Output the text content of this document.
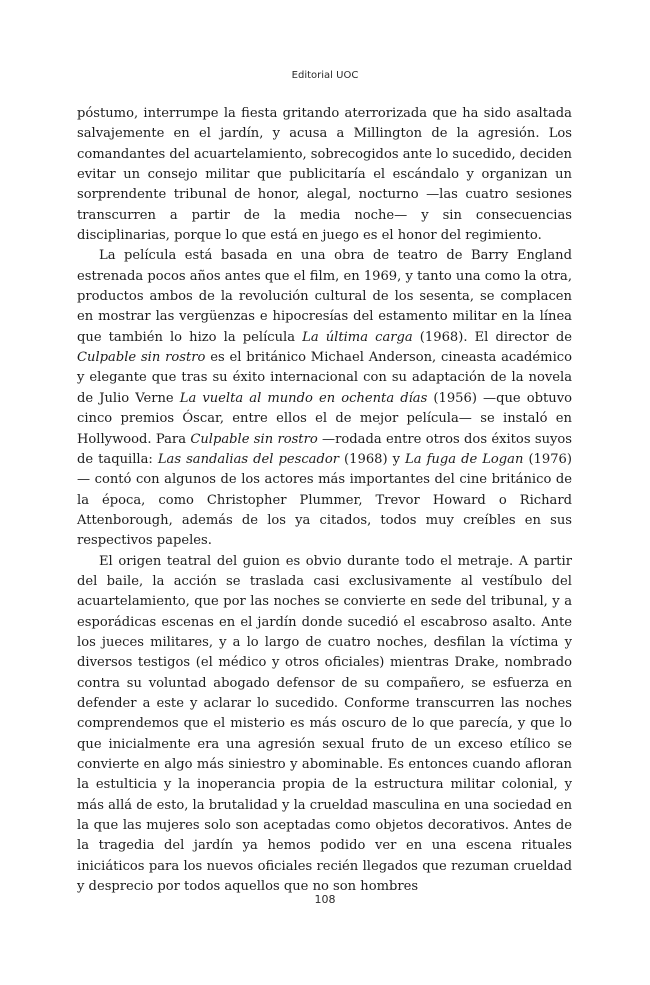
Editorial UOC

póstumo, interrumpe la fiesta gritando aterrorizada que ha sido asaltada salvajemente en el jardín, y acusa a Millington de la agresión. Los comandantes del acuartelamiento, sobrecogidos ante lo sucedido, deciden evitar un consejo militar que publicitaría el escándalo y organizan un sorprendente tribunal de honor, alegal, nocturno —las cuatro sesiones transcurren a partir de la media noche— y sin consecuencias disciplinarias, porque lo que está en juego es el honor del regimiento.

La película está basada en una obra de teatro de Barry England estrenada pocos años antes que el film, en 1969, y tanto una como la otra, productos ambos de la revolución cultural de los sesenta, se complacen en mostrar las vergüenzas e hipocresías del estamento militar en la línea que también lo hizo la película La última carga (1968). El director de Culpable sin rostro es el británico Michael Anderson, cineasta académico y elegante que tras su éxito internacional con su adaptación de la novela de Julio Verne La vuelta al mundo en ochenta días (1956) —que obtuvo cinco premios Óscar, entre ellos el de mejor película— se instaló en Hollywood. Para Culpable sin rostro —rodada entre otros dos éxitos suyos de taquilla: Las sandalias del pescador (1968) y La fuga de Logan (1976)— contó con algunos de los actores más importantes del cine británico de la época, como Christopher Plummer, Trevor Howard o Richard Attenborough, además de los ya citados, todos muy creíbles en sus respectivos papeles.

El origen teatral del guion es obvio durante todo el metraje. A partir del baile, la acción se traslada casi exclusivamente al vestíbulo del acuartelamiento, que por las noches se convierte en sede del tribunal, y a esporádicas escenas en el jardín donde sucedió el escabroso asalto. Ante los jueces militares, y a lo largo de cuatro noches, desfilan la víctima y diversos testigos (el médico y otros oficiales) mientras Drake, nombrado contra su voluntad abogado defensor de su compañero, se esfuerza en defender a este y aclarar lo sucedido. Conforme transcurren las noches comprendemos que el misterio es más oscuro de lo que parecía, y que lo que inicialmente era una agresión sexual fruto de un exceso etílico se convierte en algo más siniestro y abominable. Es entonces cuando afloran la estulticia y la inoperancia propia de la estructura militar colonial, y más allá de esto, la brutalidad y la crueldad masculina en una sociedad en la que las mujeres solo son aceptadas como objetos decorativos. Antes de la tragedia del jardín ya hemos podido ver en una escena rituales iniciáticos para los nuevos oficiales recién llegados que rezuman crueldad y desprecio por todos aquellos que no son hombres

108
